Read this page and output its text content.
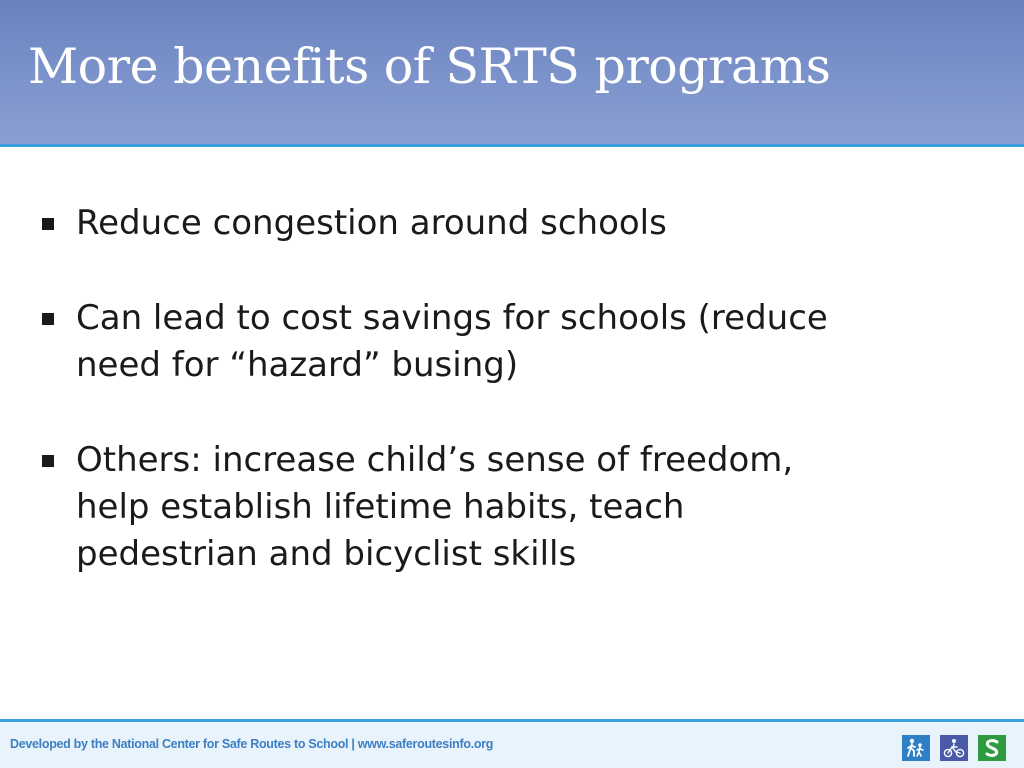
More benefits of SRTS programs
Reduce congestion around schools
Can lead to cost savings for schools (reduce need for “hazard” busing)
Others: increase child’s sense of freedom, help establish lifetime habits, teach pedestrian and bicyclist skills
Developed by the National Center for Safe Routes to School | www.saferoutesinfo.org
